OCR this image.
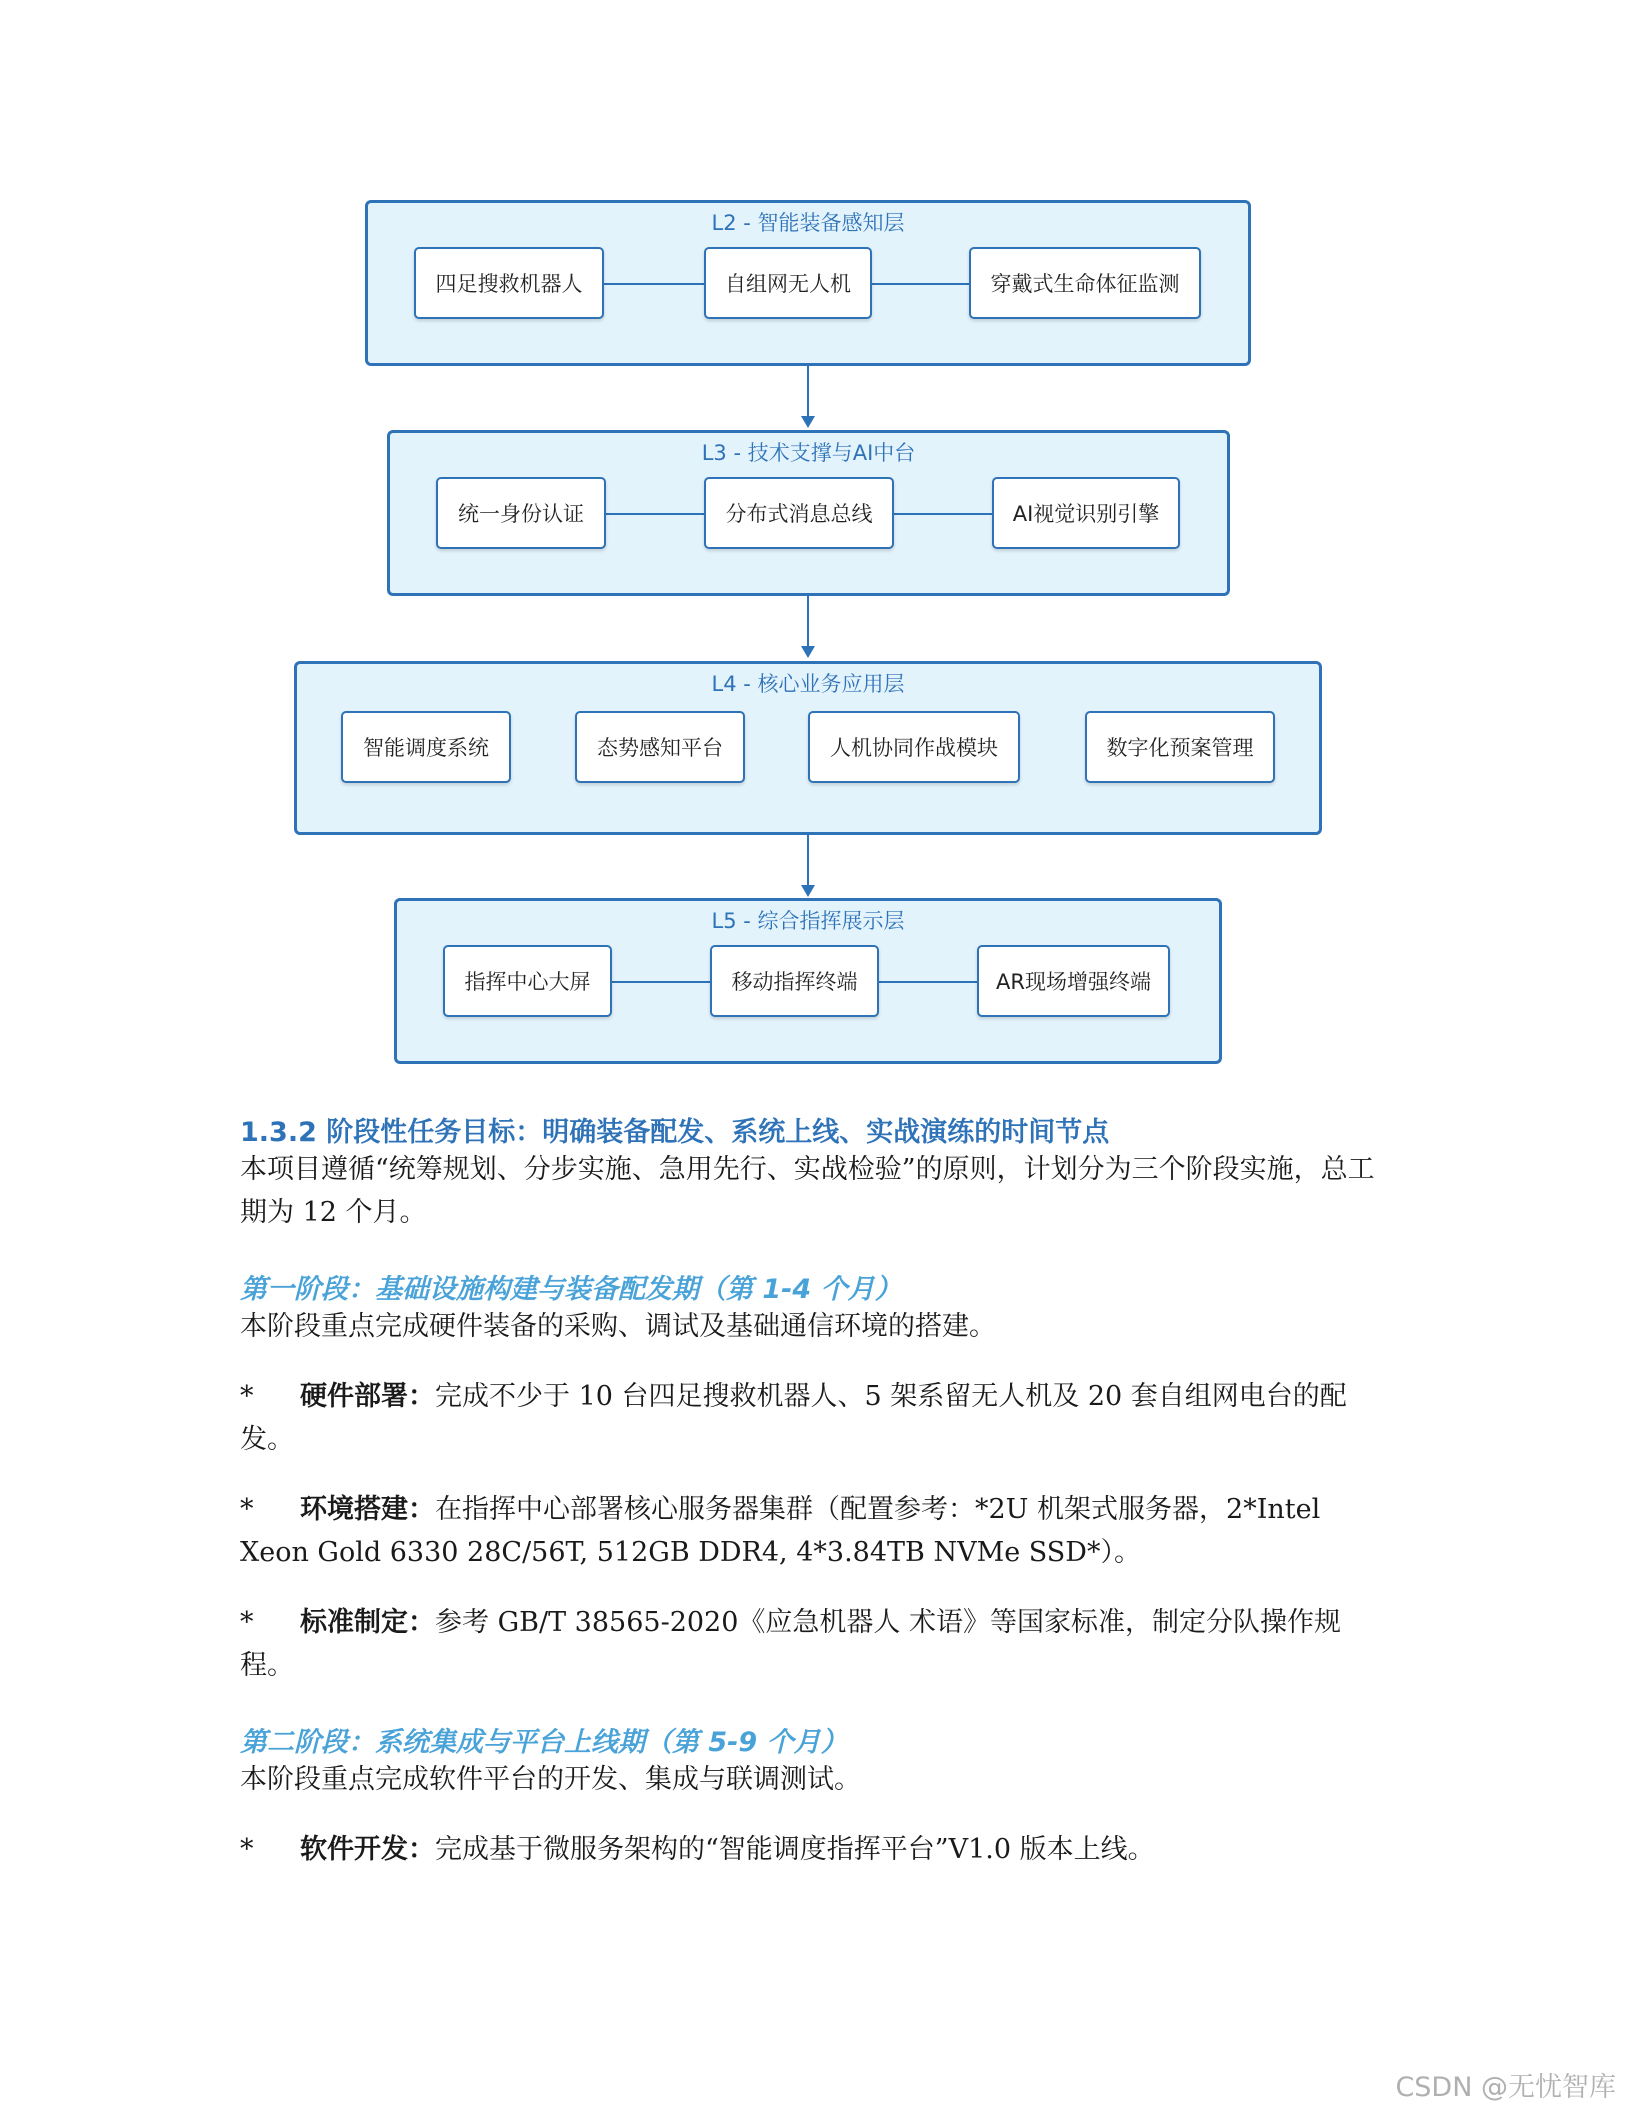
L2 - 智能装备感知层
四足搜救机器人	自组网无人机	穿戴式生命体征监测
L3 - 技术支撑与AI中台
统一身份认证	分布式消息总线	AI视觉识别引擎
L4 - 核心业务应用层
智能调度系统	态势感知平台	人机协同作战模块	数字化预案管理
L5 - 综合指挥展示层
指挥中心大屏	移动指挥终端	AR现场增强终端
1.3.2 阶段性任务目标：明确装备配发、系统上线、实战演练的时间节点
本项目遵循“统筹规划、分步实施、急用先行、实战检验”的原则，计划分为三个阶段实施，总工期为 12 个月。
第一阶段：基础设施构建与装备配发期（第 1-4 个月）
本阶段重点完成硬件装备的采购、调试及基础通信环境的搭建。
* 硬件部署：完成不少于 10 台四足搜救机器人、5 架系留无人机及 20 套自组网电台的配发。
* 环境搭建：在指挥中心部署核心服务器集群（配置参考：*2U 机架式服务器，2*Intel Xeon Gold 6330 28C/56T, 512GB DDR4, 4*3.84TB NVMe SSD*）。
* 标准制定：参考 GB/T 38565-2020《应急机器人 术语》等国家标准，制定分队操作规程。
第二阶段：系统集成与平台上线期（第 5-9 个月）
本阶段重点完成软件平台的开发、集成与联调测试。
* 软件开发：完成基于微服务架构的“智能调度指挥平台”V1.0 版本上线。
CSDN @无忧智库
